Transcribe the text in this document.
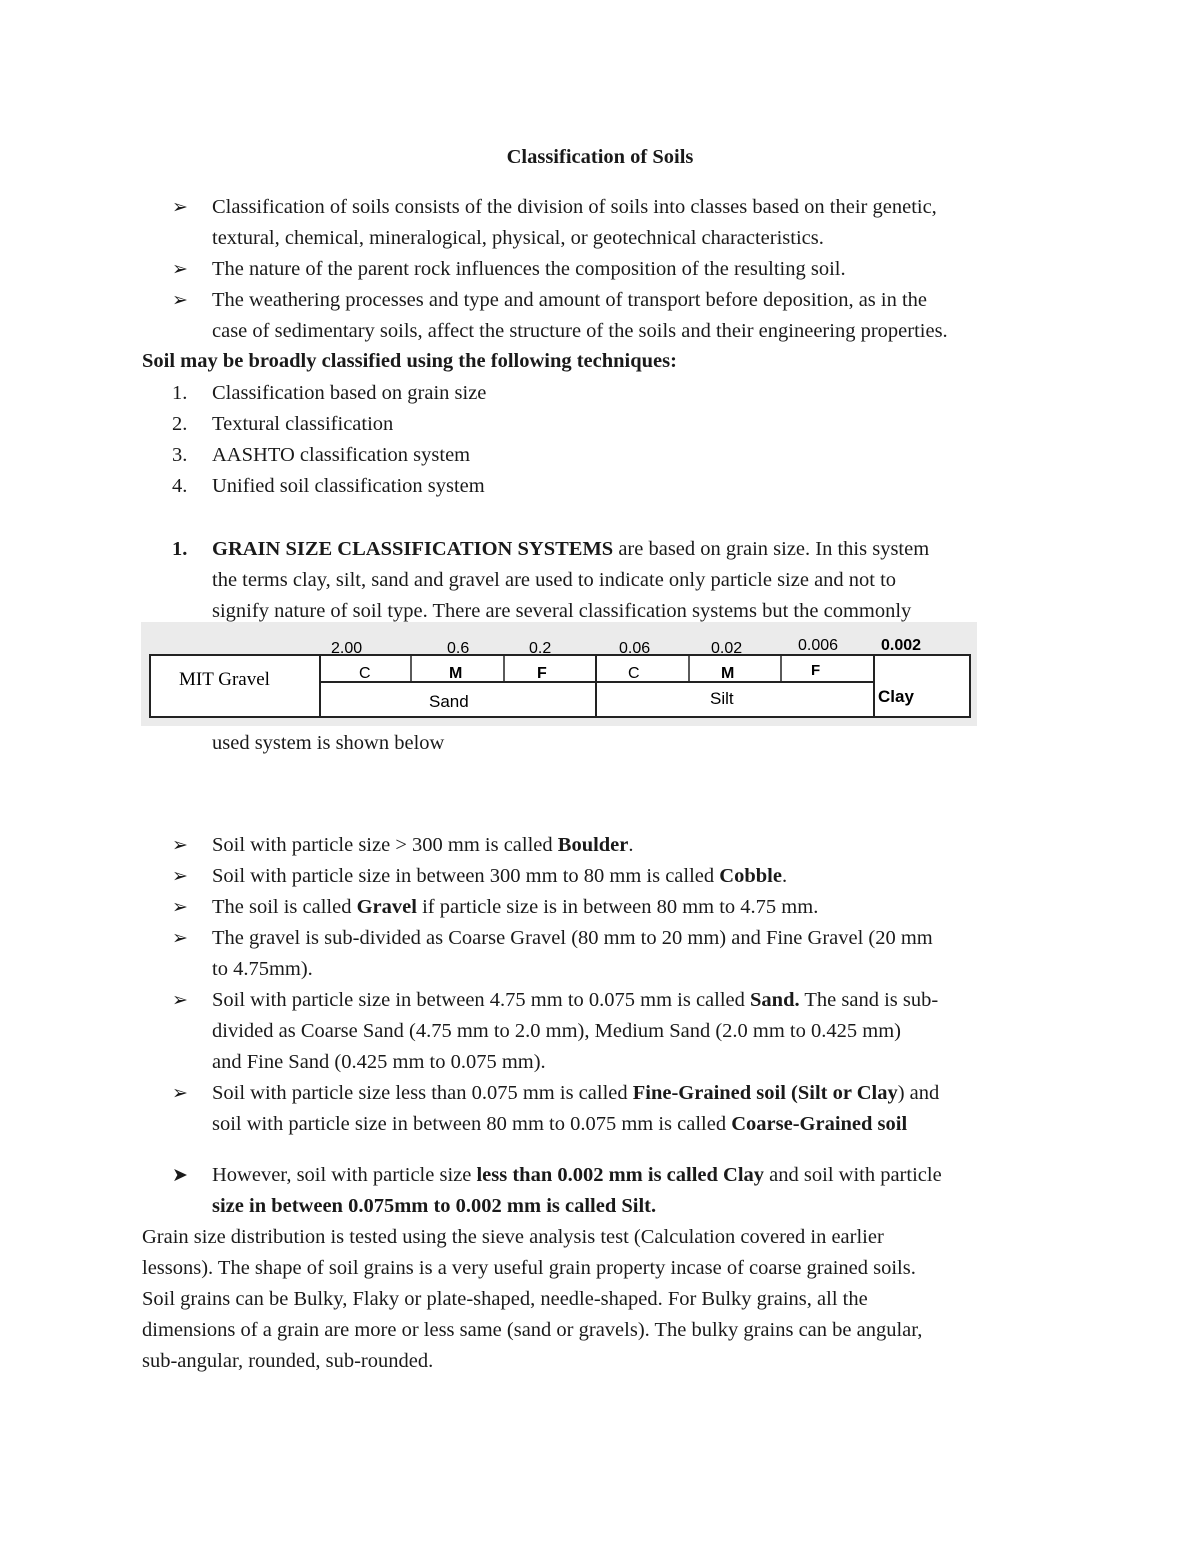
Classification of Soils
➢	Classification of soils consists of the division of soils into classes based on their genetic,
textural, chemical, mineralogical, physical, or geotechnical characteristics.
➢	The nature of the parent rock influences the composition of the resulting soil.
➢	The weathering processes and type and amount of transport before deposition, as in the
case of sedimentary soils, affect the structure of the soils and their engineering properties.
Soil may be broadly classified using the following techniques:
1. Classification based on grain size
2. Textural classification
3. AASHTO classification system
4. Unified soil classification system
1. GRAIN SIZE CLASSIFICATION SYSTEMS are based on grain size. In this system
the terms clay, silt, sand and gravel are used to indicate only particle size and not to
signify nature of soil type. There are several classification systems but the commonly
2.00	0.6	0.2	0.06	0.02	0.006	0.002
MIT Gravel	C	M	F	C	M	F
Sand	Silt	Clay
used system is shown below
➢	Soil with particle size > 300 mm is called Boulder.
➢	Soil with particle size in between 300 mm to 80 mm is called Cobble.
➢	The soil is called Gravel if particle size is in between 80 mm to 4.75 mm.
➢	The gravel is sub-divided as Coarse Gravel (80 mm to 20 mm) and Fine Gravel (20 mm
to 4.75mm).
➢	Soil with particle size in between 4.75 mm to 0.075 mm is called Sand. The sand is sub-
divided as Coarse Sand (4.75 mm to 2.0 mm), Medium Sand (2.0 mm to 0.425 mm)
and Fine Sand (0.425 mm to 0.075 mm).
➢	Soil with particle size less than 0.075 mm is called Fine-Grained soil (Silt or Clay) and
soil with particle size in between 80 mm to 0.075 mm is called Coarse-Grained soil
➤	However, soil with particle size less than 0.002 mm is called Clay and soil with particle
size in between 0.075mm to 0.002 mm is called Silt.
Grain size distribution is tested using the sieve analysis test (Calculation covered in earlier
lessons). The shape of soil grains is a very useful grain property incase of coarse grained soils.
Soil grains can be Bulky, Flaky or plate-shaped, needle-shaped. For Bulky grains, all the
dimensions of a grain are more or less same (sand or gravels). The bulky grains can be angular,
sub-angular, rounded, sub-rounded.
